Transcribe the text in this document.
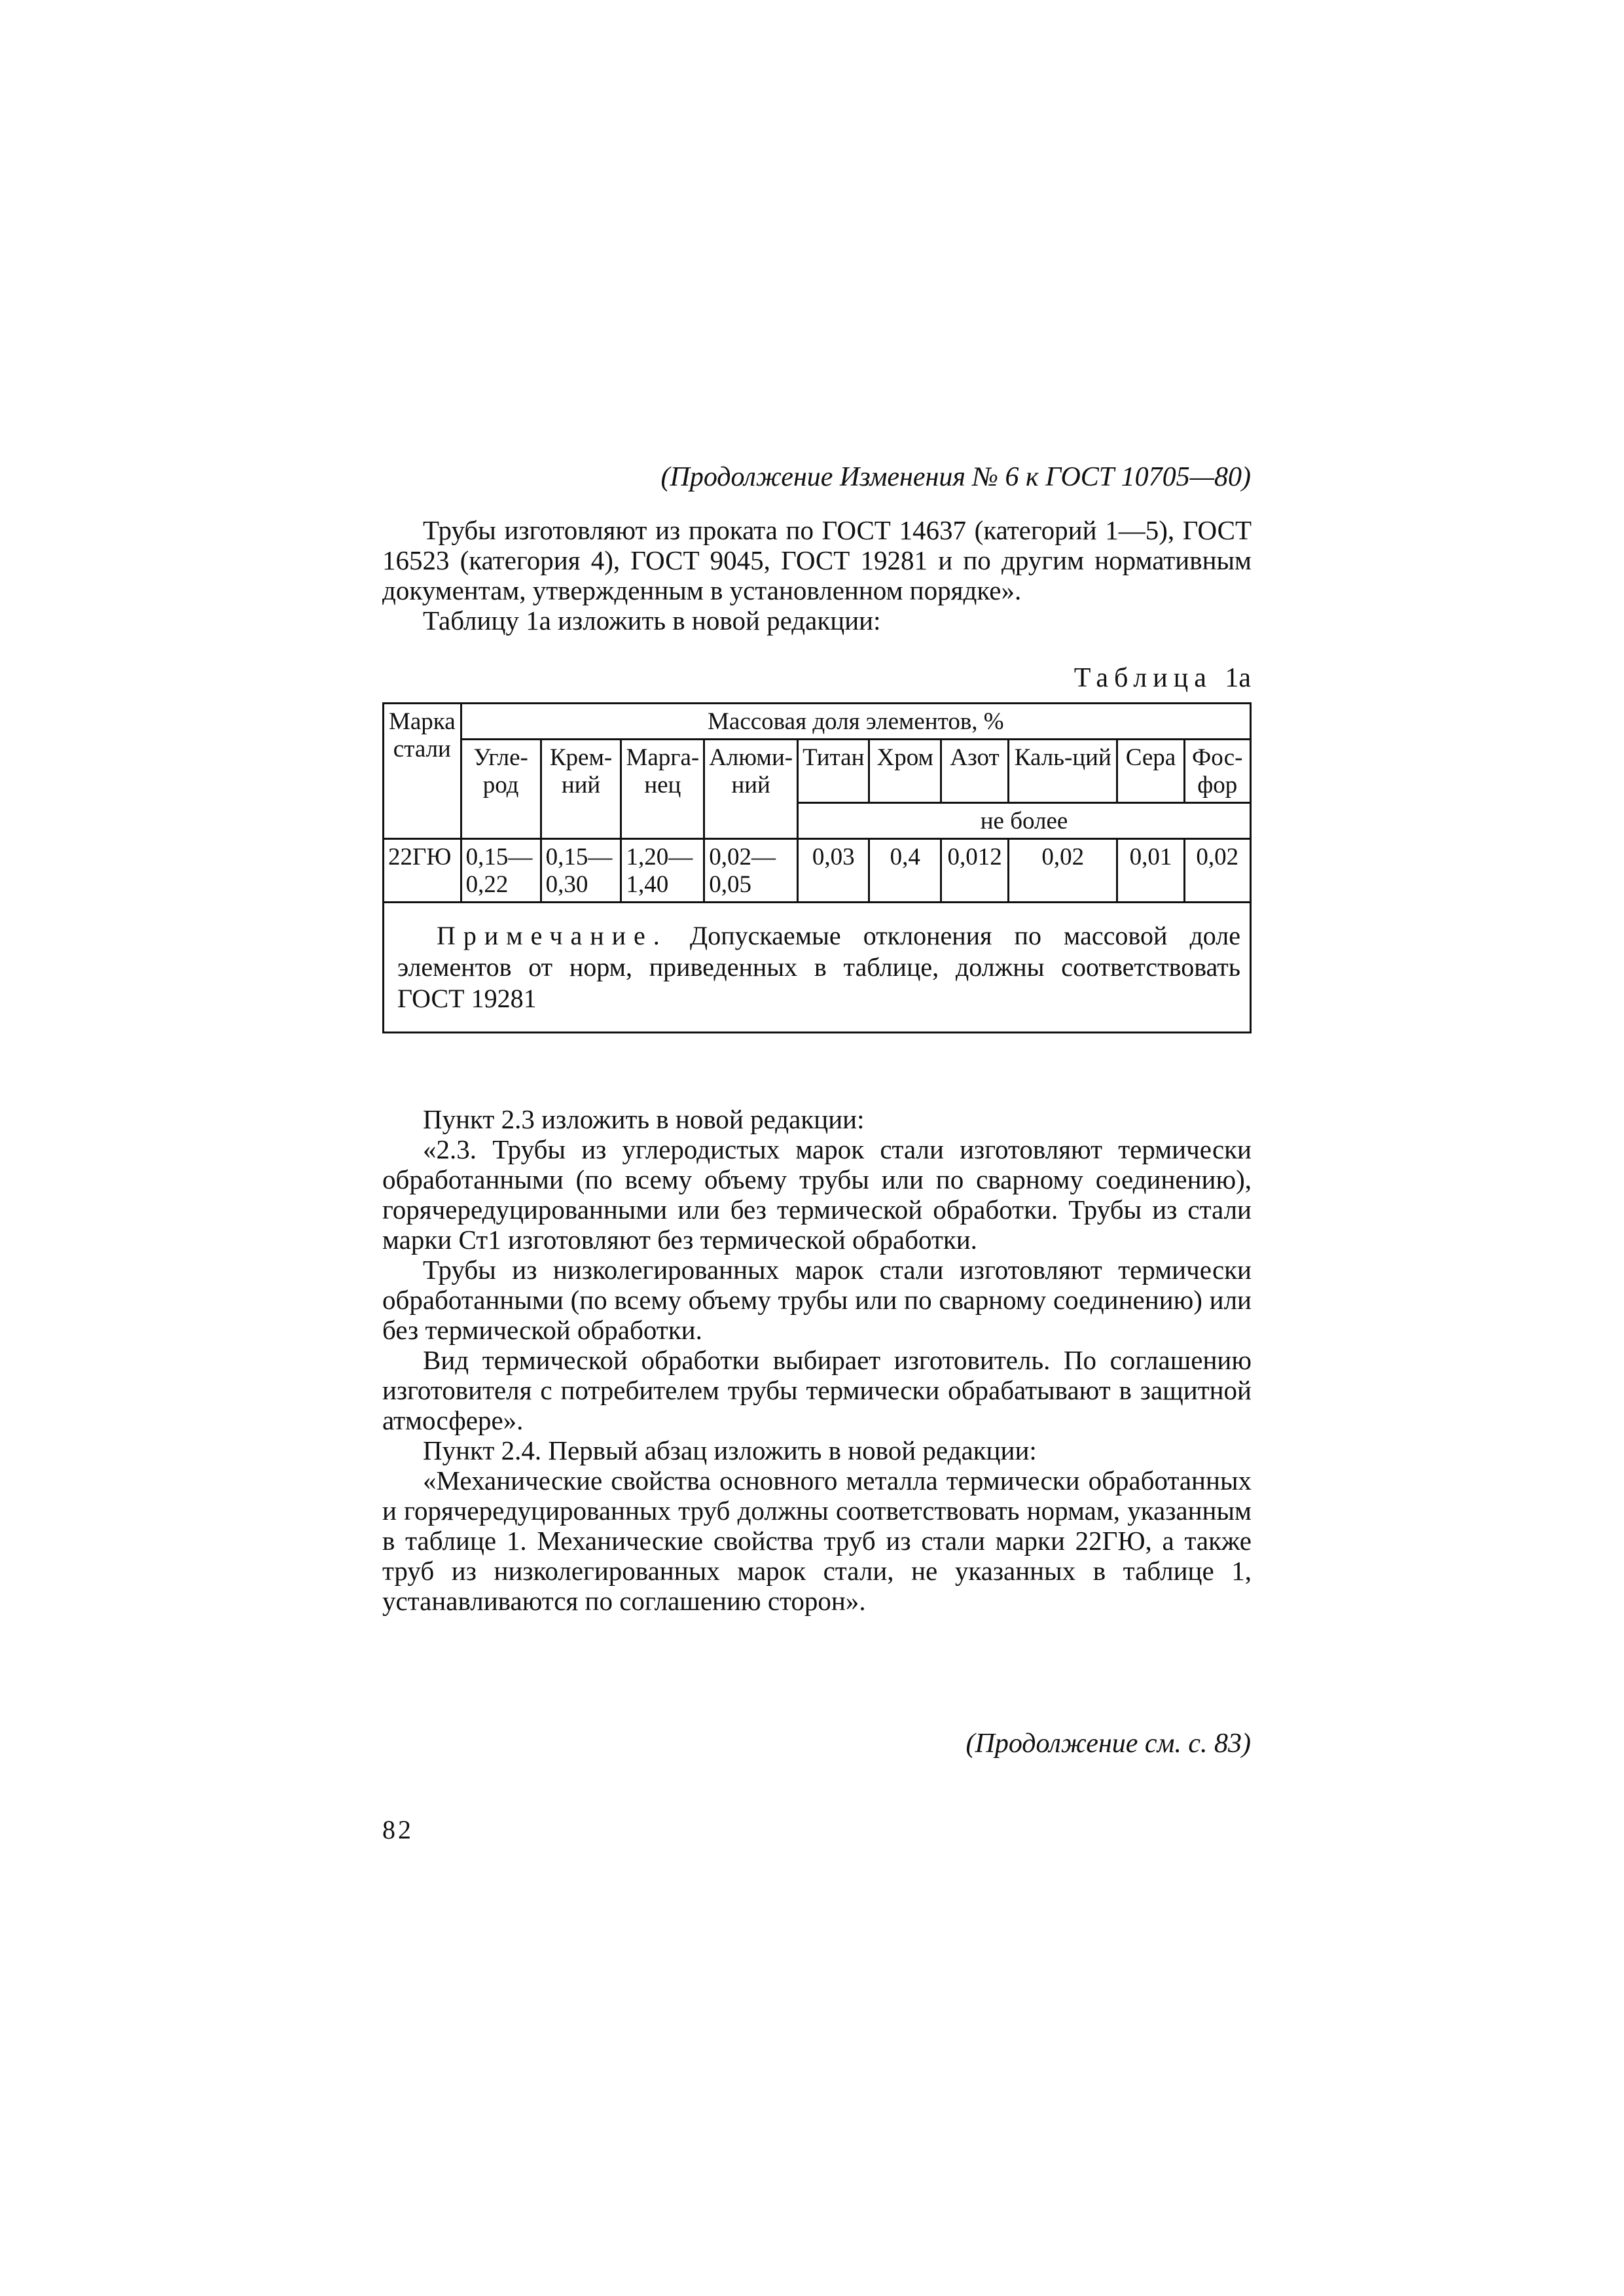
(Продолжение Изменения № 6 к ГОСТ 10705—80)

Трубы изготовляют из проката по ГОСТ 14637 (категорий 1—5), ГОСТ 16523 (категория 4), ГОСТ 9045, ГОСТ 19281 и по другим нормативным документам, утвержденным в установленном порядке».

Таблицу 1а изложить в новой редакции:

Таблица 1а
Марка стали	Массовая доля элементов, %									
	Угле-род	Крем-ний	Марга-нец	Алюми-ний	Титан	Хром	Азот	Каль-ций	Сера	Фос-фор
					не более					
22ГЮ	0,15—0,22	0,15—0,30	1,20—1,40	0,02—0,05	0,03	0,4	0,012	0,02	0,01	0,02
Примечание. Допускаемые отклонения по массовой доле элементов от норм, приведенных в таблице, должны соответствовать ГОСТ 19281										

Пункт 2.3 изложить в новой редакции:

«2.3. Трубы из углеродистых марок стали изготовляют термически обработанными (по всему объему трубы или по сварному соединению), горячередуцированными или без термической обработки. Трубы из стали марки Ст1 изготовляют без термической обработки.

Трубы из низколегированных марок стали изготовляют термически обработанными (по всему объему трубы или по сварному соединению) или без термической обработки.

Вид термической обработки выбирает изготовитель. По соглашению изготовителя с потребителем трубы термически обрабатывают в защитной атмосфере».

Пункт 2.4. Первый абзац изложить в новой редакции:

«Механические свойства основного металла термически обработанных и горячередуцированных труб должны соответствовать нормам, указанным в таблице 1. Механические свойства труб из стали марки 22ГЮ, а также труб из низколегированных марок стали, не указанных в таблице 1, устанавливаются по соглашению сторон».

(Продолжение см. с. 83)
82
